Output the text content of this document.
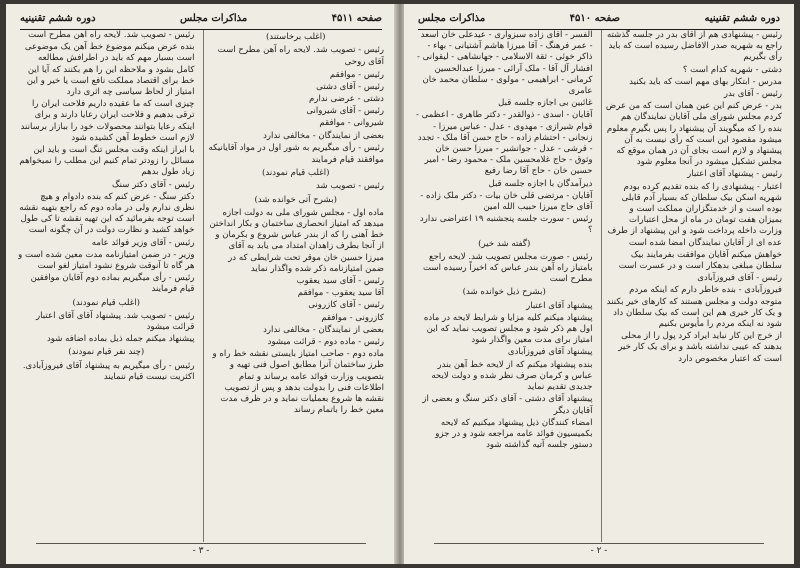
صفحه ۴۵۱۱
مذاکرات مجلس
دوره ششم تقنینیه

رئیس - تصویب شد. لایحه راه آهن مطرح است

بنده عرض میکنم موضوع خط آهن یک موضوعی است بسیار مهم که باید در اطرافش مطالعه کامل بشود و ملاحظه این را هم بکنند که آیا این خط برای اقتصاد مملکت نافع است یا خیر و این امتیاز از لحاظ سیاسی چه اثری دارد

چیزی است که ما عقیده داریم فلاحت ایران را ترقی بدهیم و فلاحت ایران رعایا دارند و برای اینکه رعایا بتوانند محصولات خود را ببازار برسانند لازم است خطوط آهن کشیده شود

با ابراز اینکه وقت مجلس تنگ است و باید این مسائل را زودتر تمام کنیم این مطلب را نمیخواهم زیاد طول بدهم

رئیس - آقای دکتر سنگ

دکتر سنگ - عرض کنم که بنده دادوام و هیچ نظری ندارم ولی در ماده دوم که راجع بتهیه نقشه است توجه بفرمائید که این تهیه نقشه تا کی طول خواهد کشید و نظارت دولت در آن چگونه است

رئیس - آقای وزیر فوائد عامه

وزیر - در ضمن امتیازنامه مدت معین شده است و هر گاه تا آنوقت شروع نشود امتیاز لغو است

رئیس - رأی میگیریم بماده دوم آقایان موافقین قیام فرمایند

(اغلب قیام نمودند)

رئیس - تصویب شد. پیشنهاد آقای آقای اعتبار قرائت میشود

پیشنهاد میکنم جمله ذیل بماده اضافه شود

(چند نفر قیام نمودند)

رئیس - رأی میگیریم به پیشنهاد آقای فیروزآبادی. اکثریت نیست قیام ننمایند

(اغلب برخاستند)

رئیس - تصویب شد. لایحه راه آهن مطرح است

آقای روحی

رئیس - موافقم

رئیس - آقای دشتی

دشتی - عرضی ندارم

رئیس - آقای شیروانی

شیروانی - موافقم

بعضی از نمایندگان - مخالفی ندارد

رئیس - رأی میگیریم به شور اول در مواد آقایانیکه

موافقند قیام فرمایند

(اغلب قیام نمودند)

رئیس - تصویب شد

(بشرح آتی خوانده شد)

ماده اول - مجلس شورای ملی به دولت اجازه میدهد که امتیاز انحصاری ساختمان و بکار انداختن خط آهنی را که از بندر عباس شروع و بکرمان و از آنجا بطرف زاهدان امتداد می یابد به آقای میرزا حسین خان موقر تحت شرایطی که در ضمن امتیازنامه ذکر شده واگذار نماید

رئیس - آقای سید یعقوب

آقا سید یعقوب - موافقم

رئیس - آقای کازرونی

کازرونی - موافقم

بعضی از نمایندگان - مخالفی ندارد

رئیس - ماده دوم - قرائت میشود

ماده دوم - صاحب امتیاز بایستی نقشه خط راه و طرز ساختمان آنرا مطابق اصول فنی تهیه و بتصویب وزارت فوائد عامه برساند و تمام اطلاعات فنی را بدولت بدهد و پس از تصویب نقشه ها شروع بعملیات نماید و در ظرف مدت معین خط را باتمام رساند

- ۳ -
دوره ششم تقنینیه
صفحه ۴۵۱۰
مذاکرات مجلس

الفسر - آقای زاده سبزواری - عیدعلی خان اسعد - عمر فرهنگ - آقا میرزا هاشم آشتیانی - بهاء - ذاکر خوئی - ثقة الاسلامی - جهانشاهی - لیقوانی - افشار آل آقا - ملک آرائی - میرزا عبدالحسین کرمانی - ابراهیمی - مولوی - سلطان محمد خان عامری

غائبین بی اجازه جلسه قبل

آقایان - اسدی - ذوالقدر - دکتر طاهری - اعظمی - قوام شیرازی - مهدوی - عدل - عباس میرزا - زنجانی - احتشام زاده - حاج حسن آقا ملک - تجدد - قرشی - عدل - جوانشیر - میرزا حسن خان وثوق - حاج غلامحسین ملک - محمود رضا - امیر حسین خان - حاج آقا رضا رفیع

دیرآمدگان با اجازه جلسه قبل

آقایان - مرتضی قلی خان بیات - دکتر ملک زاده - آقای حاج میرزا حبیب الله امین

رئیس - سورت جلسه پنجشنبه ۱۹ اعتراضی ندارد ؟

(گفته شد خیر)

رئیس - صورت مجلس تصویب شد. لایحه راجع بامتیاز راه آهن بندر عباس که اخیراً رسیده است مطرح است

(بشرح ذیل خوانده شد)

پیشنهاد آقای اعتبار

پیشنهاد میکنم کلیه مزایا و شرایط لایحه در ماده اول هم ذکر شود و مجلس تصویب نماید که این امتیاز برای مدت معین واگذار شود

پیشنهاد آقای فیروزآبادی

بنده پیشنهاد میکنم که از لایحه خط آهن بندر عباس و کرمان صرف نظر شده و دولت لایحه جدیدی تقدیم نماید

پیشنهاد آقای دشتی - آقای دکتر سنگ و بعضی از آقایان دیگر

امضاء کنندگان ذیل پیشنهاد میکنیم که لایحه بکمیسیون فوائد عامه مراجعه شود و در جزو دستور جلسه آتیه گذاشته شود

رئیس - پیشنهادی هم از آقای بدر در جلسه گذشته راجع به شهریه صدر الافاضل رسیده است که باید رأی بگیریم

دشتی - شهریه کدام است ؟

مدرس - ابتکار بهای مهم است که باید بکنید

رئیس - آقای بدر

بدر - عرض کنم این عین همان است که من عرض کردم مجلس شورای ملی آقایان نمایندگان هم بنده را که میگویند آن پیشنهاد را پس بگیرم معلوم میشود مقصود این است که رأی نیست به آن پیشنهاد و لازم است بجای آن در همان موقع که مجلس تشکیل میشود در آنجا معلوم شود

رئیس - پیشنهاد آقای اعتبار

اعتبار - پیشنهادی را که بنده تقدیم کرده بودم شهریه اسکن بیک سلطان که بسیار آدم قابلی بوده است و از خدمتگزاران مملکت است و بمیزان هفت تومان در ماه از محل اعتبارات وزارت داخله پرداخت شود و این پیشنهاد از طرف عده ای از آقایان نمایندگان امضا شده است

خواهش میکنم آقایان موافقت بفرمایند بیک سلطان مبلغی بدهکار است و در عسرت است

رئیس - آقای فیروزآبادی

فیروزآبادی - بنده خاطر دارم که اینکه مردم متوجه دولت و مجلس هستند که کارهای خیر بکنند و یک کار خیری هم این است که بیک سلطان داد شود نه اینکه مردم را مأیوس بکنیم

از خرج این کار نباید ایراد کرد پول را از محلی بدهند که عیبی نداشته باشد و برای یک کار خیر است که اعتبار مخصوص دارد

- ۲ -
